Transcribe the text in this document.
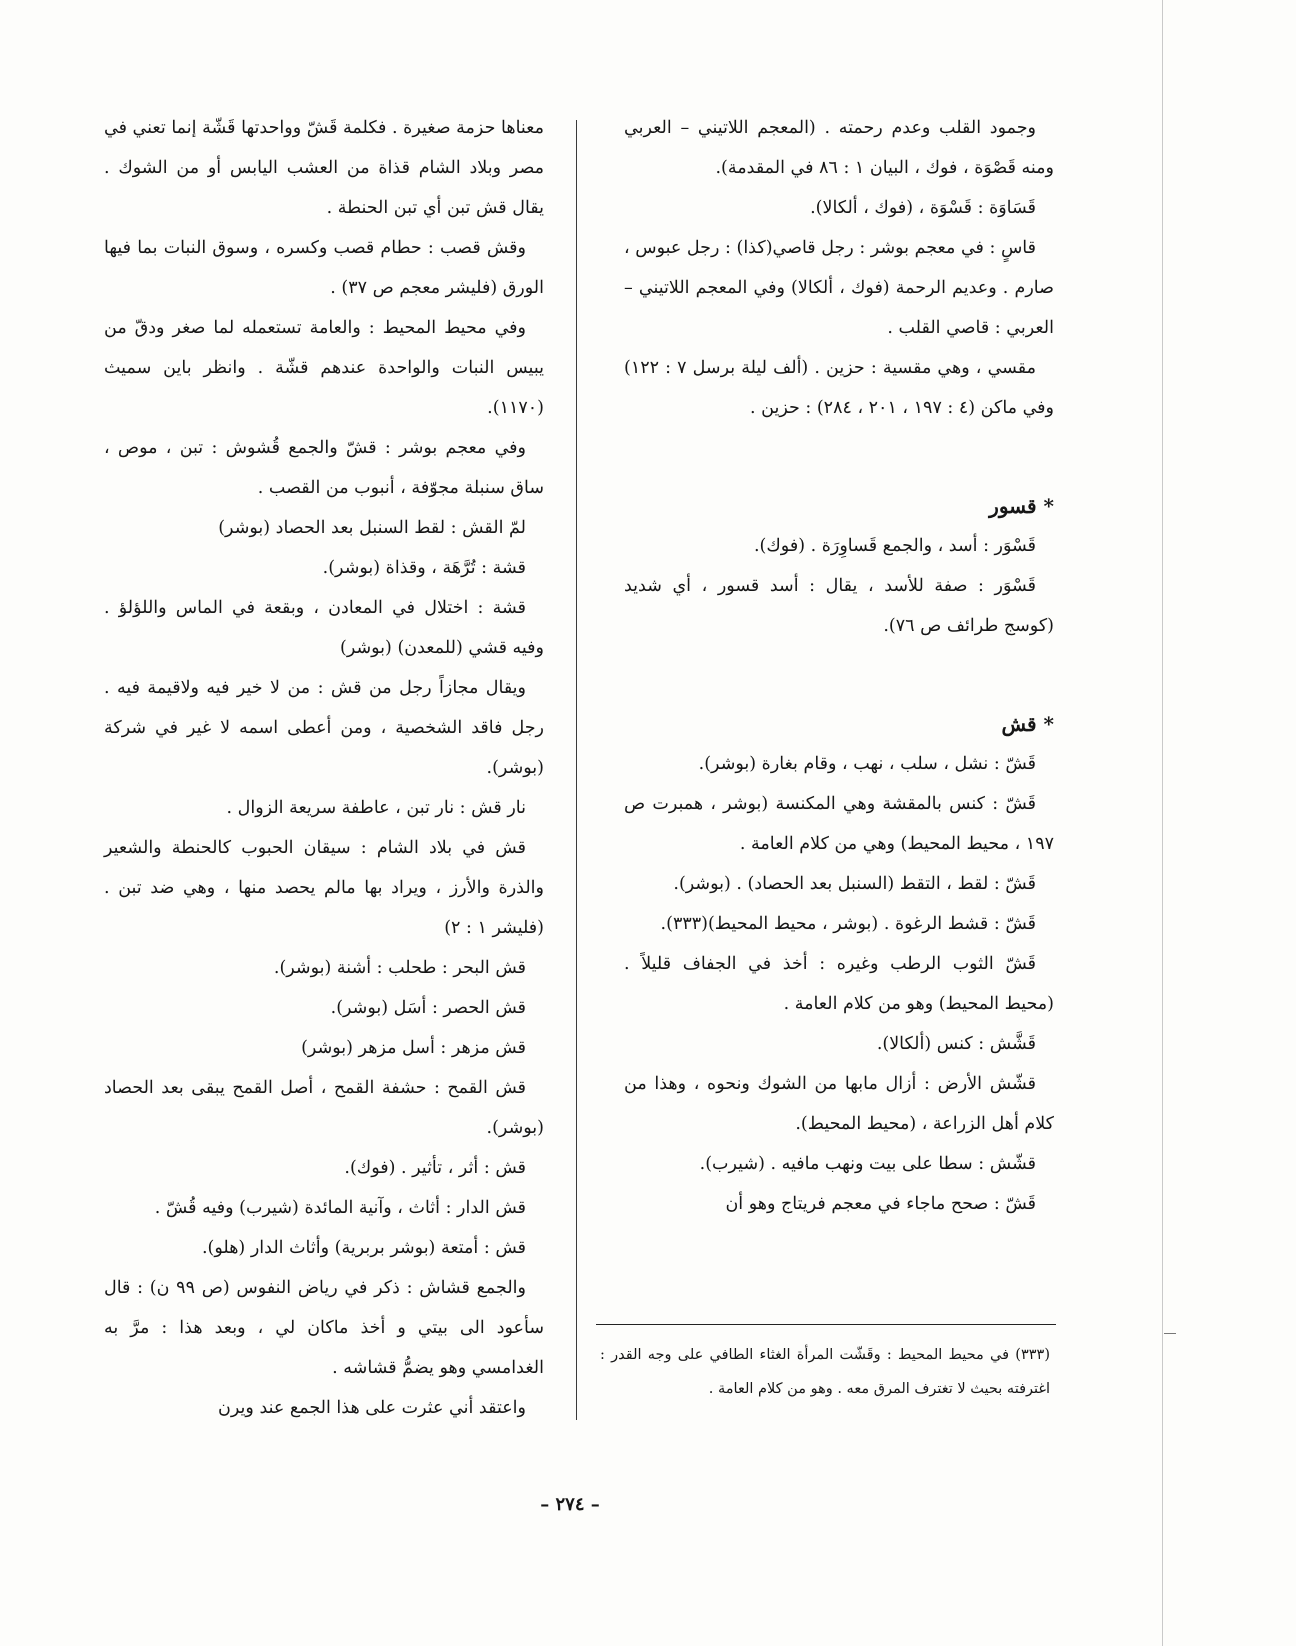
وجمود القلب وعدم رحمته . (المعجم اللاتيني – العربي ومنه قَصْوَة ، فوك ، البيان ١ : ٨٦ في المقدمة).

قَسَاوَة : قَسْوَة ، (فوك ، ألكالا).

قاسٍ : في معجم بوشر : رجل قاصي(كذا) : رجل عبوس ، صارم . وعديم الرحمة (فوك ، ألكالا) وفي المعجم اللاتيني – العربي : قاصي القلب .

مقسي ، وهي مقسية : حزين . (ألف ليلة برسل ٧ : ١٢٢) وفي ماكن (٤ : ١٩٧ ، ٢٠١ ، ٢٨٤) : حزين .

* قسور

قَسْوَر : أسد ، والجمع قَساوِرَة . (فوك).

قَسْوَر : صفة للأسد ، يقال : أسد قسور ، أي شديد (كوسج طرائف ص ٧٦).

* قش

قَشّ : نشل ، سلب ، نهب ، وقام بغارة (بوشر).

قَشّ : كنس بالمقشة وهي المكنسة (بوشر ، همبرت ص ١٩٧ ، محيط المحيط) وهي من كلام العامة .

قَشّ : لقط ، التقط (السنبل بعد الحصاد) . (بوشر).

قَشّ : قشط الرغوة . (بوشر ، محيط المحيط)(٣٣٣).

قَشّ الثوب الرطب وغيره : أخذ في الجفاف قليلاً . (محيط المحيط) وهو من كلام العامة .

قَشَّش : كنس (ألكالا).

قشّش الأرض : أزال مابها من الشوك ونحوه ، وهذا من كلام أهل الزراعة ، (محيط المحيط).

قشّش : سطا على بيت ونهب مافيه . (شيرب).

قَشّ : صحح ماجاء في معجم فريتاج وهو أن

معناها حزمة صغيرة . فكلمة قَشّ وواحدتها قَشّة إنما تعني في مصر وبلاد الشام قذاة من العشب اليابس أو من الشوك . يقال قش تبن أي تبن الحنطة .

وقش قصب : حطام قصب وكسره ، وسوق النبات بما فيها الورق (فليشر معجم ص ٣٧) .

وفي محيط المحيط : والعامة تستعمله لما صغر ودقّ من يبيس النبات والواحدة عندهم قشّة . وانظر باين سميث (١١٧٠).

وفي معجم بوشر : قشّ والجمع قُشوش : تبن ، موص ، ساق سنبلة مجوّفة ، أنبوب من القصب .

لمّ القش : لقط السنبل بعد الحصاد (بوشر)

قشة : تُرَّهَة ، وقذاة (بوشر).

قشة : اختلال في المعادن ، وبقعة في الماس واللؤلؤ . وفيه قشي (للمعدن) (بوشر)

ويقال مجازاً رجل من قش : من لا خير فيه ولاقيمة فيه . رجل فاقد الشخصية ، ومن أعطى اسمه لا غير في شركة (بوشر).

نار قش : نار تبن ، عاطفة سريعة الزوال .

قش في بلاد الشام : سيقان الحبوب كالحنطة والشعير والذرة والأرز ، ويراد بها مالم يحصد منها ، وهي ضد تبن . (فليشر ١ : ٢)

قش البحر : طحلب : أشنة (بوشر).

قش الحصر : أسَل (بوشر).

قش مزهر : أسل مزهر (بوشر)

قش القمح : حشفة القمح ، أصل القمح يبقى بعد الحصاد (بوشر).

قش : أثر ، تأثير . (فوك).

قش الدار : أثاث ، وآنية المائدة (شيرب) وفيه قُشّ .

قش : أمتعة (بوشر بربرية) وأثاث الدار (هلو).

والجمع قشاش : ذكر في رياض النفوس (ص ٩٩ ن) : قال سأعود الى بيتي و أخذ ماكان لي ، وبعد هذا : مرَّ به الغدامسي وهو يضمُّ قشاشه .

واعتقد أني عثرت على هذا الجمع عند ويرن

(٣٣٣) في محيط المحيط : وقَشّت المرأة الغثاء الطافي على وجه القدر : اغترفته بحيث لا تغترف المرق معه . وهو من كلام العامة .

– ٢٧٤ –
